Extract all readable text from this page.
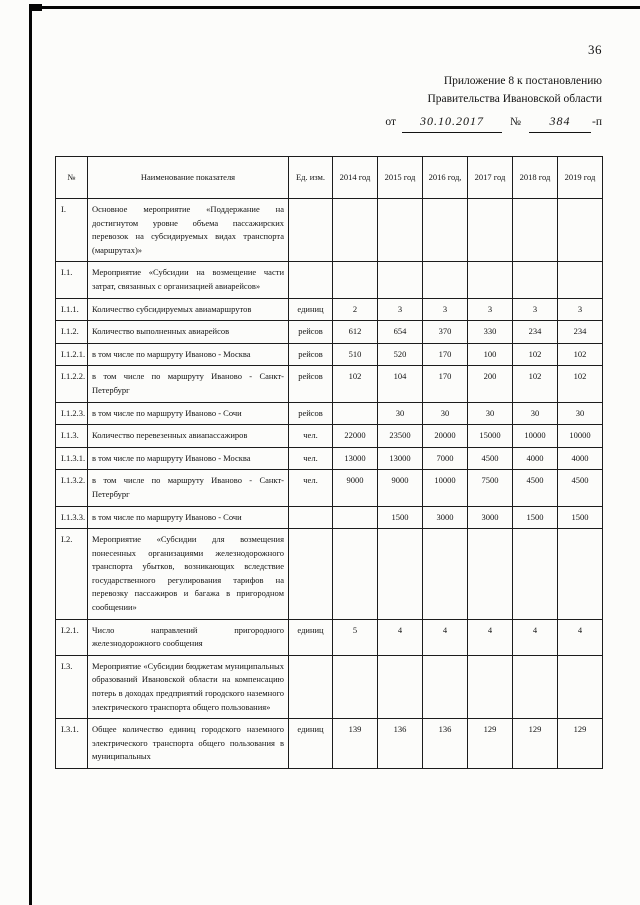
36
Приложение 8 к постановлению
Правительства Ивановской области
от 30.10.2017 № 384 -п
№	Наименование показателя	Ед. изм.	2014 год	2015 год	2016 год,	2017 год	2018 год	2019 год
I.	Основное мероприятие «Поддержание на достигнутом уровне объема пассажирских перевозок на субсидируемых видах транспорта (маршрутах)»							
I.1.	Мероприятие «Субсидии на возмещение части затрат, связанных с организацией авиарейсов»							
I.1.1.	Количество субсидируемых авиамаршрутов	единиц	2	3	3	3	3	3
I.1.2.	Количество выполненных авиарейсов	рейсов	612	654	370	330	234	234
I.1.2.1.	в том числе по маршруту Иваново - Москва	рейсов	510	520	170	100	102	102
I.1.2.2.	в том числе по маршруту Иваново - Санкт-Петербург	рейсов	102	104	170	200	102	102
I.1.2.3.	в том числе по маршруту Иваново - Сочи	рейсов		30	30	30	30	30
I.1.3.	Количество перевезенных авиапассажиров	чел.	22000	23500	20000	15000	10000	10000
I.1.3.1.	в том числе по маршруту Иваново - Москва	чел.	13000	13000	7000	4500	4000	4000
I.1.3.2.	в том числе по маршруту Иваново - Санкт-Петербург	чел.	9000	9000	10000	7500	4500	4500
I.1.3.3.	в том числе по маршруту Иваново - Сочи			1500	3000	3000	1500	1500
I.2.	Мероприятие «Субсидии для возмещения понесенных организациями железнодорожного транспорта убытков, возникающих вследствие государственного регулирования тарифов на перевозку пассажиров и багажа в пригородном сообщении»							
I.2.1.	Число направлений пригородного железнодорожного сообщения	единиц	5	4	4	4	4	4
I.3.	Мероприятие «Субсидии бюджетам муниципальных образований Ивановской области на компенсацию потерь в доходах предприятий городского наземного электрического транспорта общего пользования»							
I.3.1.	Общее количество единиц городского наземного электрического транспорта общего пользования в муниципальных	единиц	139	136	136	129	129	129
